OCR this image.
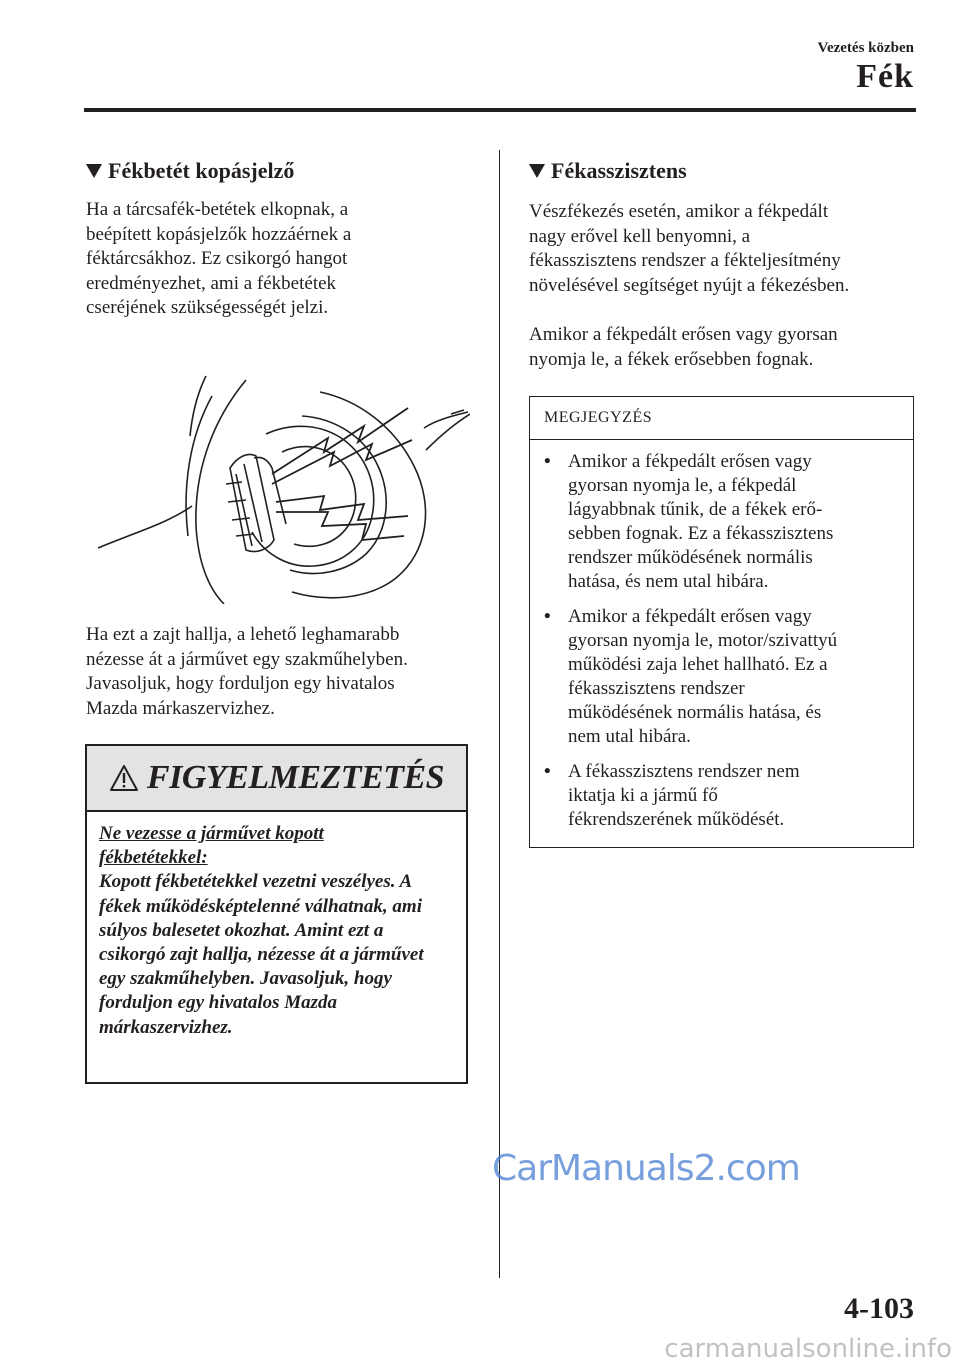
Vezetés közben
Fék
Fékbetét kopásjelző

Ha a tárcsafék-betétek elkopnak, a
beépített kopásjelzők hozzáérnek a
féktárcsákhoz. Ez csikorgó hangot
eredményezhet, ami a fékbetétek
cseréjének szükségességét jelzi.

Ha ezt a zajt hallja, a lehető leghamarabb
nézesse át a járművet egy szakműhelyben.
Javasoljuk, hogy forduljon egy hivatalos
Mazda márkaszervizhez.

FIGYELMEZTETÉS

Ne vezesse a járművet kopott
fékbetétekkel:

Kopott fékbetétekkel vezetni veszélyes. A fékek működésképtelenné válhatnak, ami súlyos balesetet okozhat. Amint ezt a csikorgó zajt hallja, nézesse át a járművet egy szakműhelyben. Javasoljuk, hogy forduljon egy hivatalos Mazda márkaszervizhez.

Fékasszisztens

Vészfékezés esetén, amikor a fékpedált
nagy erővel kell benyomni, a
fékasszisztens rendszer a fékteljesítmény
növelésével segítséget nyújt a fékezésben.

Amikor a fékpedált erősen vagy gyorsan
nyomja le, a fékek erősebben fognak.

MEGJEGYZÉS
• Amikor a fékpedált erősen vagy
gyorsan nyomja le, a fékpedál
lágyabbnak tűnik, de a fékek erő-
sebben fognak. Ez a fékasszisztens
rendszer működésének normális
hatása, és nem utal hibára.
• Amikor a fékpedált erősen vagy
gyorsan nyomja le, motor/szivattyú
működési zaja lehet hallható. Ez a
fékasszisztens rendszer
működésének normális hatása, és
nem utal hibára.
• A fékasszisztens rendszer nem
iktatja ki a jármű fő
fékrendszerének működését.
CarManuals2.com
4-103
carmanualsonline.info
